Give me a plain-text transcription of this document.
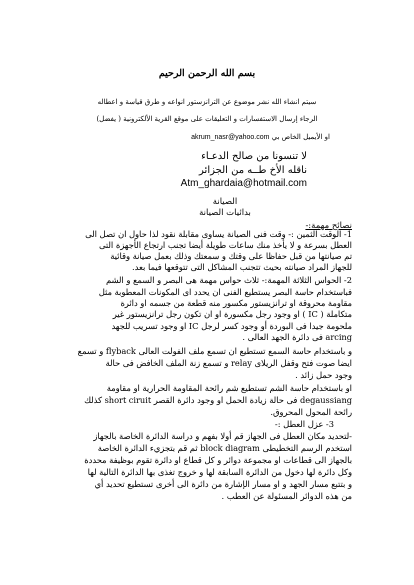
بسم الله الرحمن الرحيم
سيتم انشاء الله نشر موضوع عن الترانزستور انواعه و طرق قياسة و اعطاله
الرجاء إرسال الاستفسارات و التعليقات على موقع القرية الألكترونية ( يفضل)
او الأيميل الخاص بي akrum_nasr@yahoo.com
لا تنسونا من صالح الدعـاء
ناقله الأخ طــه من الجزائر
Atm_ghardaia@hotmail.com
الصيانة
بدائيات الصيانة
نصائح مهمة:-
1- الوقت الثمين :- وقت فنى الصيانة يساوى مقابلة نقود لذا حاول ان تصل الى
العطل بسرعة و لا يأخذ منك ساعات طويلة أيضا تجنب ارتجاع الأجهزة التى
تم صيانتها من قبل حفاظا على وقتك و سمعتك وذلك بعمل صيانة وقائية
للجهاز المراد صيانته بحيث تتجنب المشاكل التى تتوقعها فيما بعد.
2- الحواس الثلاثة المهمة:- ثلاث حواس مهمة هى البصر و السمع و الشم
فباستخدام حاسة البصر يستطيع الفنى ان يحدد اى المكونات المعطوبة مثل
مقاومة محروقة او ترانزيستور مكسور منه قطعة من جسمه او دائرة
متكاملة ( IC ) او وجود رجل مكسورة او ان تكون رجل ترانزيستور غير
ملحومة جيدا فى البوردة أو وجود كسر لرجل IC او وجود تسريب للجهد
arcing فى دائرة الجهد العالى .
و باستخدام حاسة السمع تستطيع ان تسمع ملف الفولت العالى flyback و تسمع
ايضا صوت فتح وقفل الريلاى relay و تسمع زنة الملف الخافض فى حالة
وجود حمل زائد .
او باستخدام حاسة الشم تستطيع شم رائحة المقاومة الحرارية او مقاومة
degaussiang فى حالة زيادة الحمل او وجود دائرة القصر short ciruit كذلك
رائحة المحول المحروق.
3- عزل العطل :-
-لتحديد مكان العطل فى الجهاز قم أولا بفهم و دراسة الدائرة الخاصة بالجهاز
استخدم الرسم التخطيطى block diagram ثم قم بتجزيء الدائرة الخاصة
بالجهاز الى قطاعات او مجموعة دوائر و كل قطاع او دائرة تقوم بوظيفة محددة
وكل دائرة لها دخول من الدائرة السابقة لها و خروج تغذى بها الدائرة التالية لها
و بتتبع مسار الجهد و او مسار الإشارة من دائرة الى أخرى تستطيع تحديد أي
من هذه الدوائر المسئولة عن العطب .
